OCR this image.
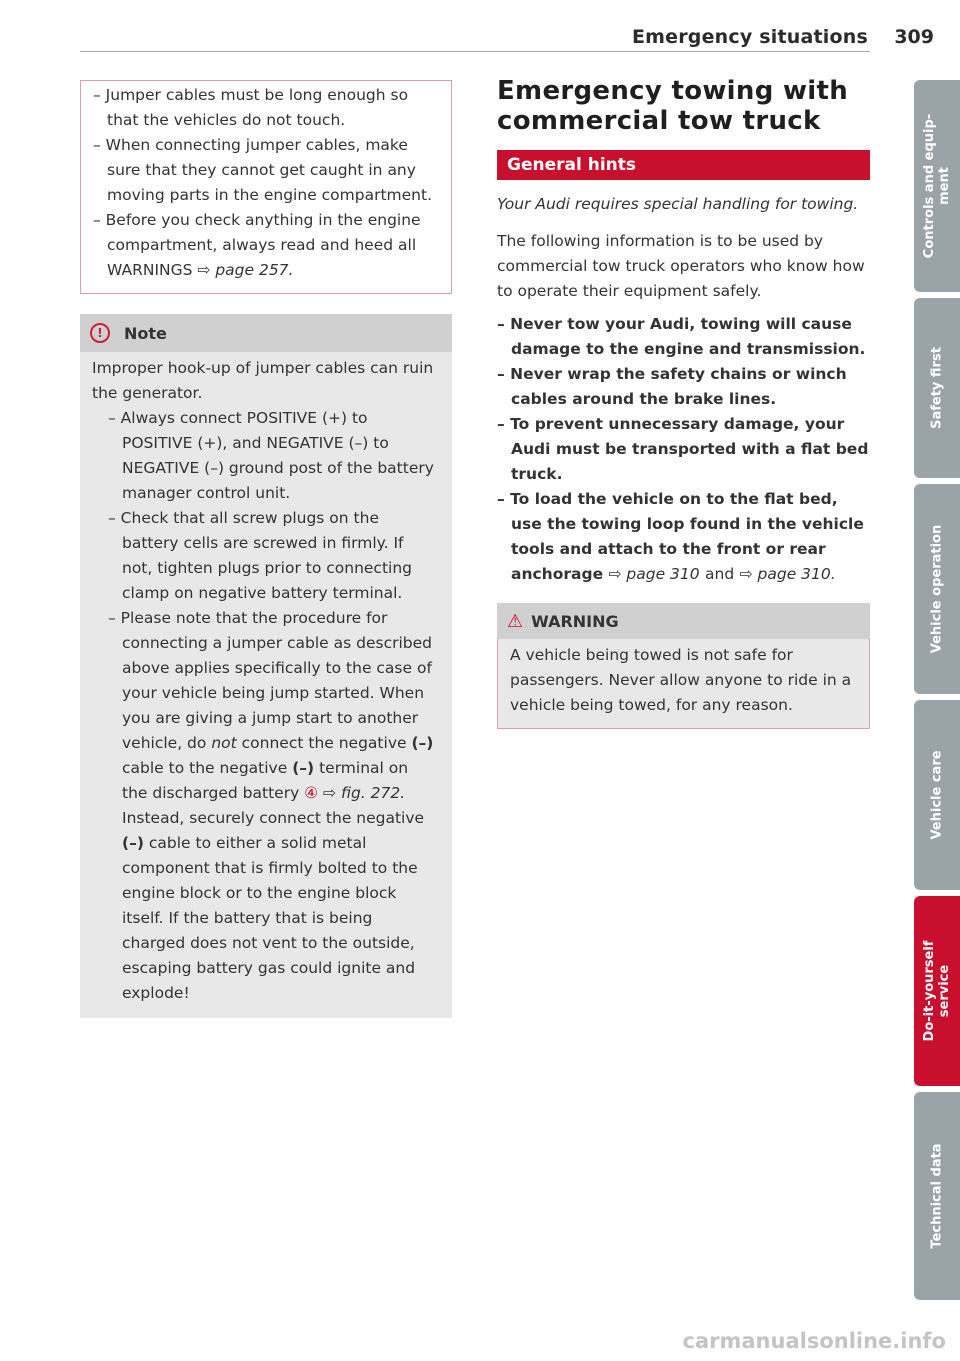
Emergency situations 309

– Jumper cables must be long enough so that the vehicles do not touch.

– When connecting jumper cables, make sure that they cannot get caught in any moving parts in the engine compartment.

– Before you check anything in the engine compartment, always read and heed all WARNINGS ⇨ page 257.

!	Note

Improper hook-up of jumper cables can ruin the generator.

– Always connect POSITIVE (+) to POSITIVE (+), and NEGATIVE (–) to NEGATIVE (–) ground post of the battery manager control unit.

– Check that all screw plugs on the battery cells are screwed in firmly. If not, tighten plugs prior to connecting clamp on negative battery terminal.

– Please note that the procedure for connecting a jumper cable as described above applies specifically to the case of your vehicle being jump started. When you are giving a jump start to another vehicle, do not connect the negative (–) cable to the negative (–) terminal on the discharged battery ④ ⇨ fig. 272. Instead, securely connect the negative (–) cable to either a solid metal component that is firmly bolted to the engine block or to the engine block itself. If the battery that is being charged does not vent to the outside, escaping battery gas could ignite and explode!

Emergency towing with commercial tow truck
General hints

Your Audi requires special handling for towing.

The following information is to be used by commercial tow truck operators who know how to operate their equipment safely.

– Never tow your Audi, towing will cause damage to the engine and transmission.

– Never wrap the safety chains or winch cables around the brake lines.

– To prevent unnecessary damage, your Audi must be transported with a flat bed truck.

– To load the vehicle on to the flat bed, use the towing loop found in the vehicle tools and attach to the front or rear anchorage ⇨ page 310 and ⇨ page 310.

⚠ WARNING
A vehicle being towed is not safe for passengers. Never allow anyone to ride in a vehicle being towed, for any reason.
Controls and equip-
ment
Safety first
Vehicle operation
Vehicle care
Do-it-yourself
service
Technical data
carmanualsonline.info
